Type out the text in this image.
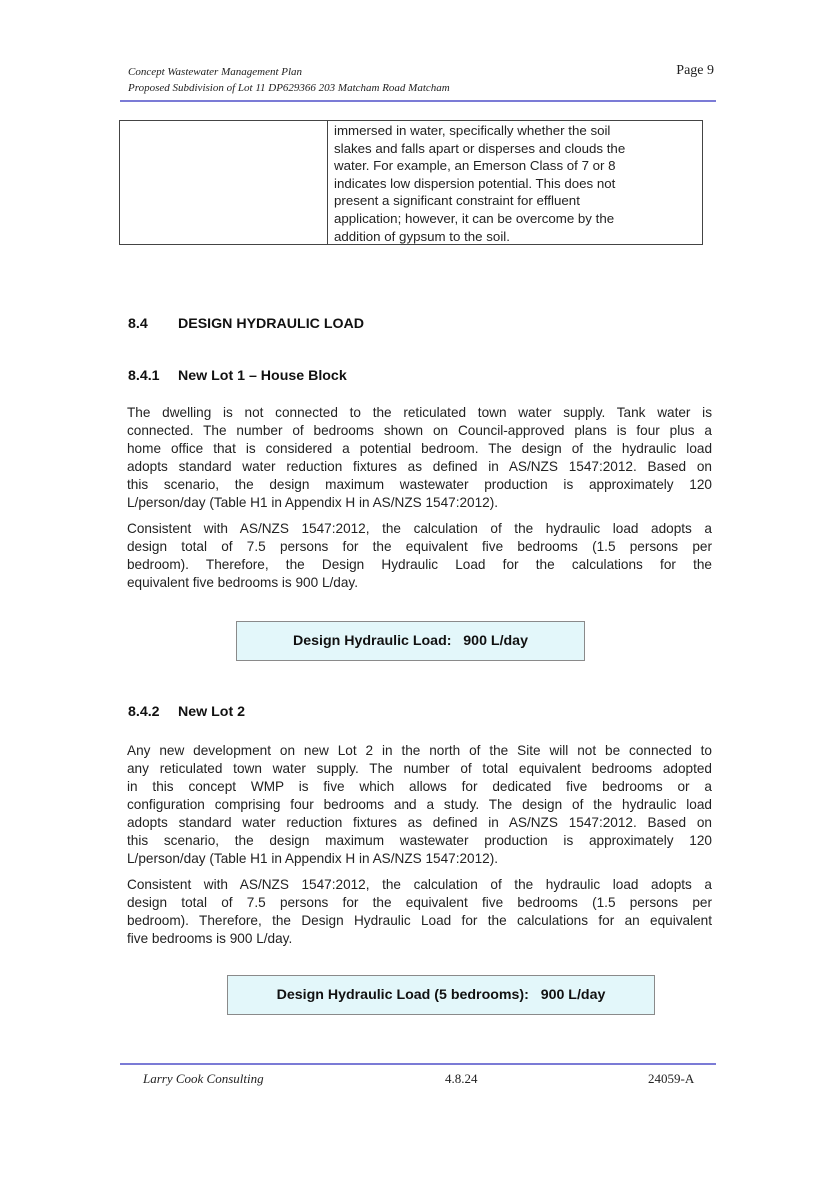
Concept Wastewater Management Plan
Proposed Subdivision of Lot 11 DP629366 203 Matcham Road Matcham
Page 9
immersed in water, specifically whether the soil
slakes and falls apart or disperses and clouds the
water. For example, an Emerson Class of 7 or 8
indicates low dispersion potential. This does not
present a significant constraint for effluent
application; however, it can be overcome by the
addition of gypsum to the soil.
8.4 DESIGN HYDRAULIC LOAD
8.4.1 New Lot 1 – House Block
The dwelling is not connected to the reticulated town water supply. Tank water is
connected. The number of bedrooms shown on Council-approved plans is four plus a
home office that is considered a potential bedroom. The design of the hydraulic load
adopts standard water reduction fixtures as defined in AS/NZS 1547:2012. Based on
this scenario, the design maximum wastewater production is approximately 120
L/person/day (Table H1 in Appendix H in AS/NZS 1547:2012).
Consistent with AS/NZS 1547:2012, the calculation of the hydraulic load adopts a
design total of 7.5 persons for the equivalent five bedrooms (1.5 persons per
bedroom). Therefore, the Design Hydraulic Load for the calculations for the
equivalent five bedrooms is 900 L/day.
Design Hydraulic Load:   900 L/day
8.4.2 New Lot 2
Any new development on new Lot 2 in the north of the Site will not be connected to
any reticulated town water supply. The number of total equivalent bedrooms adopted
in this concept WMP is five which allows for dedicated five bedrooms or a
configuration comprising four bedrooms and a study. The design of the hydraulic load
adopts standard water reduction fixtures as defined in AS/NZS 1547:2012. Based on
this scenario, the design maximum wastewater production is approximately 120
L/person/day (Table H1 in Appendix H in AS/NZS 1547:2012).
Consistent with AS/NZS 1547:2012, the calculation of the hydraulic load adopts a
design total of 7.5 persons for the equivalent five bedrooms (1.5 persons per
bedroom). Therefore, the Design Hydraulic Load for the calculations for an equivalent
five bedrooms is 900 L/day.
Design Hydraulic Load (5 bedrooms):   900 L/day
Larry Cook Consulting	4.8.24	24059-A
